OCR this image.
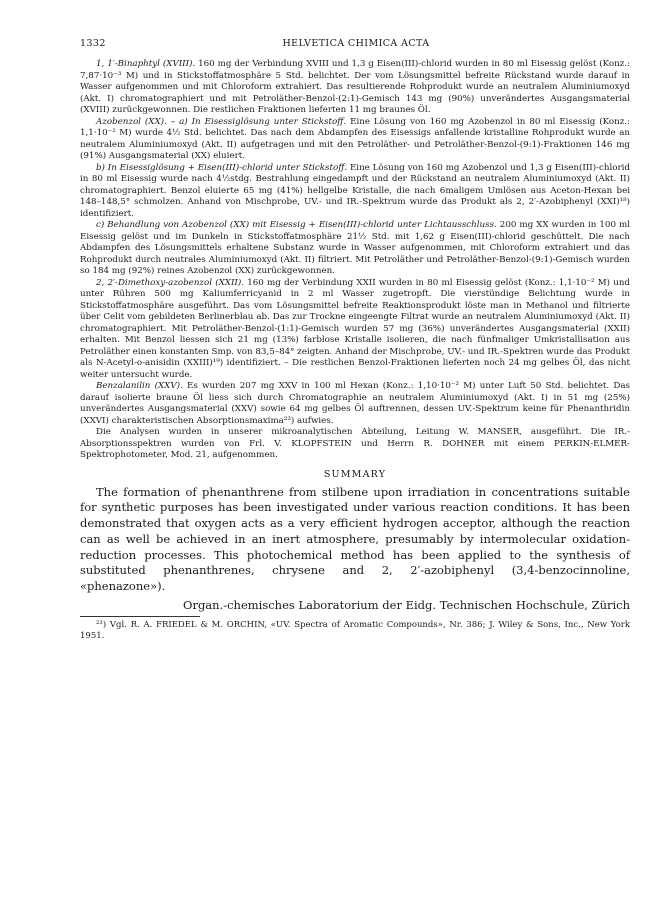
1332	HELVETICA CHIMICA ACTA

1, 1′-Binaphtyl (XVIII). 160 mg der Verbindung XVIII und 1,3 g Eisen(III)-chlorid wurden in 80 ml Eisessig gelöst (Konz.: 7,87·10⁻³ M) und in Stickstoffatmosphäre 5 Std. belichtet. Der vom Lösungsmittel befreite Rückstand wurde darauf in Wasser aufgenommen und mit Chloroform extrahiert. Das resultierende Rohprodukt wurde an neutralem Aluminiumoxyd (Akt. I) chromatographiert und mit Petroläther-Benzol-(2:1)-Gemisch 143 mg (90%) unverändertes Ausgangsmaterial (XVIII) zurückgewonnen. Die restlichen Fraktionen lieferten 11 mg braunes Öl.

Azobenzol (XX). – a) In Eisessiglösung unter Stickstoff. Eine Lösung von 160 mg Azobenzol in 80 ml Eisessig (Konz.: 1,1·10⁻² M) wurde 4½ Std. belichtet. Das nach dem Abdampfen des Eisessigs anfallende kristalline Rohprodukt wurde an neutralem Aluminiumoxyd (Akt. II) aufgetragen und mit den Petroläther- und Petroläther-Benzol-(9:1)-Fraktionen 146 mg (91%) Ausgangsmaterial (XX) eluiert.

b) In Eisessiglösung + Eisen(III)-chlorid unter Stickstoff. Eine Lösung von 160 mg Azobenzol und 1,3 g Eisen(III)-chlorid in 80 ml Eisessig wurde nach 4½stdg. Bestrahlung eingedampft und der Rückstand an neutralem Aluminiumoxyd (Akt. II) chromatographiert. Benzol eluierte 65 mg (41%) hellgelbe Kristalle, die nach 6maligem Umlösen aus Aceton-Hexan bei 148–148,5° schmolzen. Anhand von Mischprobe, UV.- und IR.-Spektrum wurde das Produkt als 2, 2′-Azobiphenyl (XXI)¹⁸) identifiziert.

c) Behandlung von Azobenzol (XX) mit Eisessig + Eisen(III)-chlorid unter Lichtausschluss. 200 mg XX wurden in 100 ml Eisessig gelöst und im Dunkeln in Stickstoffatmosphäre 21½ Std. mit 1,62 g Eisen(III)-chlorid geschüttelt. Die nach Abdampfen des Lösungsmittels erhaltene Substanz wurde in Wasser aufgenommen, mit Chloroform extrahiert und das Rohprodukt durch neutrales Aluminiumoxyd (Akt. II) filtriert. Mit Petroläther und Petroläther-Benzol-(9:1)-Gemisch wurden so 184 mg (92%) reines Azobenzol (XX) zurückgewonnen.

2, 2′-Dimethoxy-azobenzol (XXII). 160 mg der Verbindung XXII wurden in 80 ml Eisessig gelöst (Konz.: 1,1·10⁻² M) und unter Rühren 500 mg Kaliumferricyanid in 2 ml Wasser zugetropft. Die vierstündige Belichtung wurde in Stickstoffatmosphäre ausgeführt. Das vom Lösungsmittel befreite Reaktionsprodukt löste man in Methanol und filtrierte über Celit vom gebildeten Berlinerblau ab. Das zur Trockne eingeengte Filtrat wurde an neutralem Aluminiumoxyd (Akt. II) chromatographiert. Mit Petroläther-Benzol-(1:1)-Gemisch wurden 57 mg (36%) unverändertes Ausgangsmaterial (XXII) erhalten. Mit Benzol liessen sich 21 mg (13%) farblose Kristalle isolieren, die nach fünfmaliger Umkristallisation aus Petroläther einen konstanten Smp. von 83,5–84° zeigten. Anhand der Mischprobe, UV.- und IR.-Spektren wurde das Produkt als N-Acetyl-o-anisidin (XXIII)¹⁹) identifiziert. – Die restlichen Benzol-Fraktionen lieferten noch 24 mg gelbes Öl, das nicht weiter untersucht wurde.

Benzalanilin (XXV). Es wurden 207 mg XXV in 100 ml Hexan (Konz.: 1,10·10⁻² M) unter Luft 50 Std. belichtet. Das darauf isolierte braune Öl liess sich durch Chromatographie an neutralem Aluminiumoxyd (Akt. I) in 51 mg (25%) unverändertes Ausgangsmaterial (XXV) sowie 64 mg gelbes Öl auftrennen, dessen UV.-Spektrum keine für Phenanthridin (XXVI) charakteristischen Absorptionsmaxima²³) aufwies.

Die Analysen wurden in unserer mikroanalytischen Abteilung, Leitung W. MANSER, ausgeführt. Die IR.-Absorptionsspektren wurden von Frl. V. KLOPFSTEIN und Herrn R. DOHNER mit einem PERKIN-ELMER-Spektrophotometer, Mod. 21, aufgenommen.

SUMMARY

The formation of phenanthrene from stilbene upon irradiation in concentrations suitable for synthetic purposes has been investigated under various reaction conditions. It has been demonstrated that oxygen acts as a very efficient hydrogen acceptor, although the reaction can as well be achieved in an inert atmosphere, presumably by intermolecular oxidation-reduction processes. This photochemical method has been applied to the synthesis of substituted phenanthrenes, chrysene and 2, 2′-azobiphenyl (3,4-benzocinnoline, «phenazone»).

Organ.-chemisches Laboratorium der Eidg. Technischen Hochschule, Zürich

²³) Vgl. R. A. FRIEDEL & M. ORCHIN, «UV. Spectra of Aromatic Compounds», Nr. 386; J. Wiley & Sons, Inc., New York 1951.
